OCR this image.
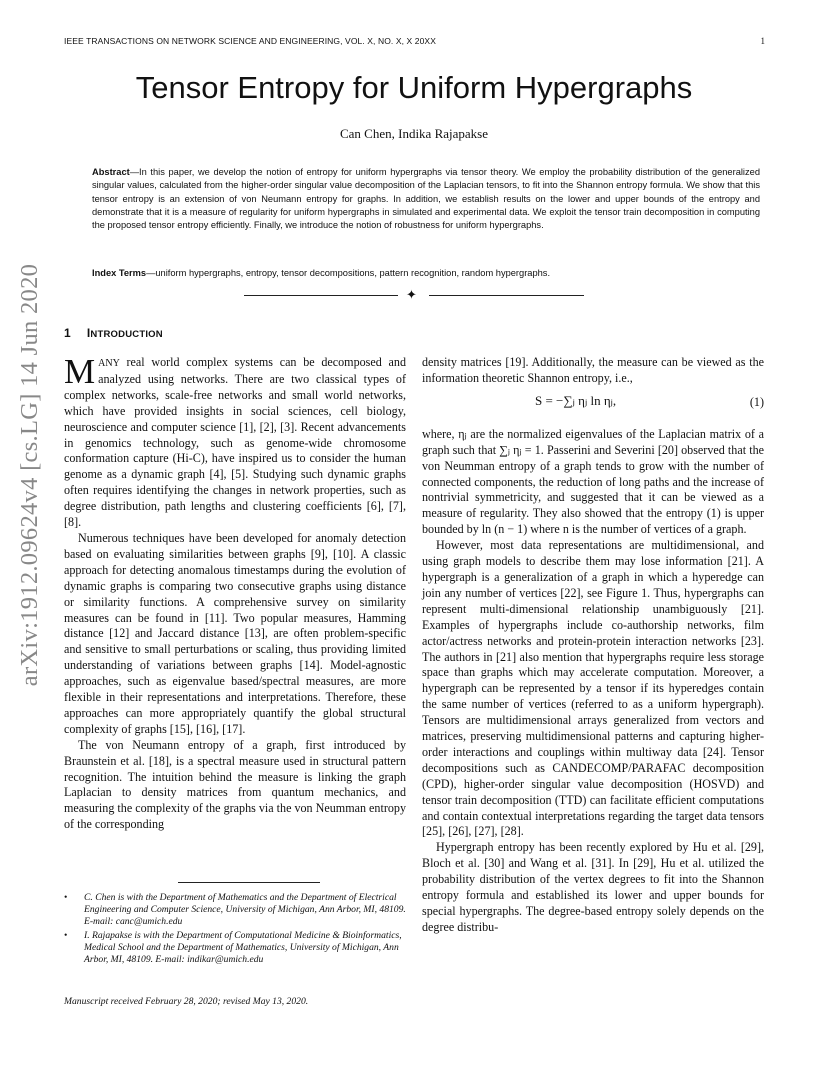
IEEE TRANSACTIONS ON NETWORK SCIENCE AND ENGINEERING, VOL. X, NO. X, X 20XX	1
Tensor Entropy for Uniform Hypergraphs
Can Chen, Indika Rajapakse
Abstract—In this paper, we develop the notion of entropy for uniform hypergraphs via tensor theory. We employ the probability distribution of the generalized singular values, calculated from the higher-order singular value decomposition of the Laplacian tensors, to fit into the Shannon entropy formula. We show that this tensor entropy is an extension of von Neumann entropy for graphs. In addition, we establish results on the lower and upper bounds of the entropy and demonstrate that it is a measure of regularity for uniform hypergraphs in simulated and experimental data. We exploit the tensor train decomposition in computing the proposed tensor entropy efficiently. Finally, we introduce the notion of robustness for uniform hypergraphs.
Index Terms—uniform hypergraphs, entropy, tensor decompositions, pattern recognition, random hypergraphs.
✦
arXiv:1912.09624v4 [cs.LG] 14 Jun 2020 1 INTRODUCTION

MANY real world complex systems can be decomposed and analyzed using networks. There are two classical types of complex networks, scale-free networks and small world networks, which have provided insights in social sciences, cell biology, neuroscience and computer science [1], [2], [3]. Recent advancements in genomics technology, such as genome-wide chromosome conformation capture (Hi-C), have inspired us to consider the human genome as a dynamic graph [4], [5]. Studying such dynamic graphs often requires identifying the changes in network properties, such as degree distribution, path lengths and clustering coefficients [6], [7], [8].

Numerous techniques have been developed for anomaly detection based on evaluating similarities between graphs [9], [10]. A classic approach for detecting anomalous timestamps during the evolution of dynamic graphs is comparing two consecutive graphs using distance or similarity functions. A comprehensive survey on similarity measures can be found in [11]. Two popular measures, Hamming distance [12] and Jaccard distance [13], are often problem-specific and sensitive to small perturbations or scaling, thus providing limited understanding of variations between graphs [14]. Model-agnostic approaches, such as eigenvalue based/spectral measures, are more flexible in their representations and interpretations. Therefore, these approaches can more appropriately quantify the global structural complexity of graphs [15], [16], [17].

The von Neumann entropy of a graph, first introduced by Braunstein et al. [18], is a spectral measure used in structural pattern recognition. The intuition behind the measure is linking the graph Laplacian to density matrices from quantum mechanics, and measuring the complexity of the graphs via the von Neumman entropy of the corresponding

• C. Chen is with the Department of Mathematics and the Department of Electrical Engineering and Computer Science, University of Michigan, Ann Arbor, MI, 48109. E-mail: canc@umich.edu
• I. Rajapakse is with the Department of Computational Medicine & Bioinformatics, Medical School and the Department of Mathematics, University of Michigan, Ann Arbor, MI, 48109. E-mail: indikar@umich.edu
Manuscript received February 28, 2020; revised May 13, 2020.

density matrices [19]. Additionally, the measure can be viewed as the information theoretic Shannon entropy, i.e.,

S = −∑ⱼ ηⱼ ln ηⱼ,	(1)

where, ηⱼ are the normalized eigenvalues of the Laplacian matrix of a graph such that ∑ⱼ ηⱼ = 1. Passerini and Severini [20] observed that the von Neumman entropy of a graph tends to grow with the number of connected components, the reduction of long paths and the increase of nontrivial symmetricity, and suggested that it can be viewed as a measure of regularity. They also showed that the entropy (1) is upper bounded by ln (n − 1) where n is the number of vertices of a graph.

However, most data representations are multidimensional, and using graph models to describe them may lose information [21]. A hypergraph is a generalization of a graph in which a hyperedge can join any number of vertices [22], see Figure 1. Thus, hypergraphs can represent multi-dimensional relationship unambiguously [21]. Examples of hypergraphs include co-authorship networks, film actor/actress networks and protein-protein interaction networks [23]. The authors in [21] also mention that hypergraphs require less storage space than graphs which may accelerate computation. Moreover, a hypergraph can be represented by a tensor if its hyperedges contain the same number of vertices (referred to as a uniform hypergraph). Tensors are multidimensional arrays generalized from vectors and matrices, preserving multidimensional patterns and capturing higher-order interactions and couplings within multiway data [24]. Tensor decompositions such as CANDECOMP/PARAFAC decomposition (CPD), higher-order singular value decomposition (HOSVD) and tensor train decomposition (TTD) can facilitate efficient computations and contain contextual interpretations regarding the target data tensors [25], [26], [27], [28].

Hypergraph entropy has been recently explored by Hu et al. [29], Bloch et al. [30] and Wang et al. [31]. In [29], Hu et al. utilized the probability distribution of the vertex degrees to fit into the Shannon entropy formula and established its lower and upper bounds for special hypergraphs. The degree-based entropy solely depends on the degree distribu-
